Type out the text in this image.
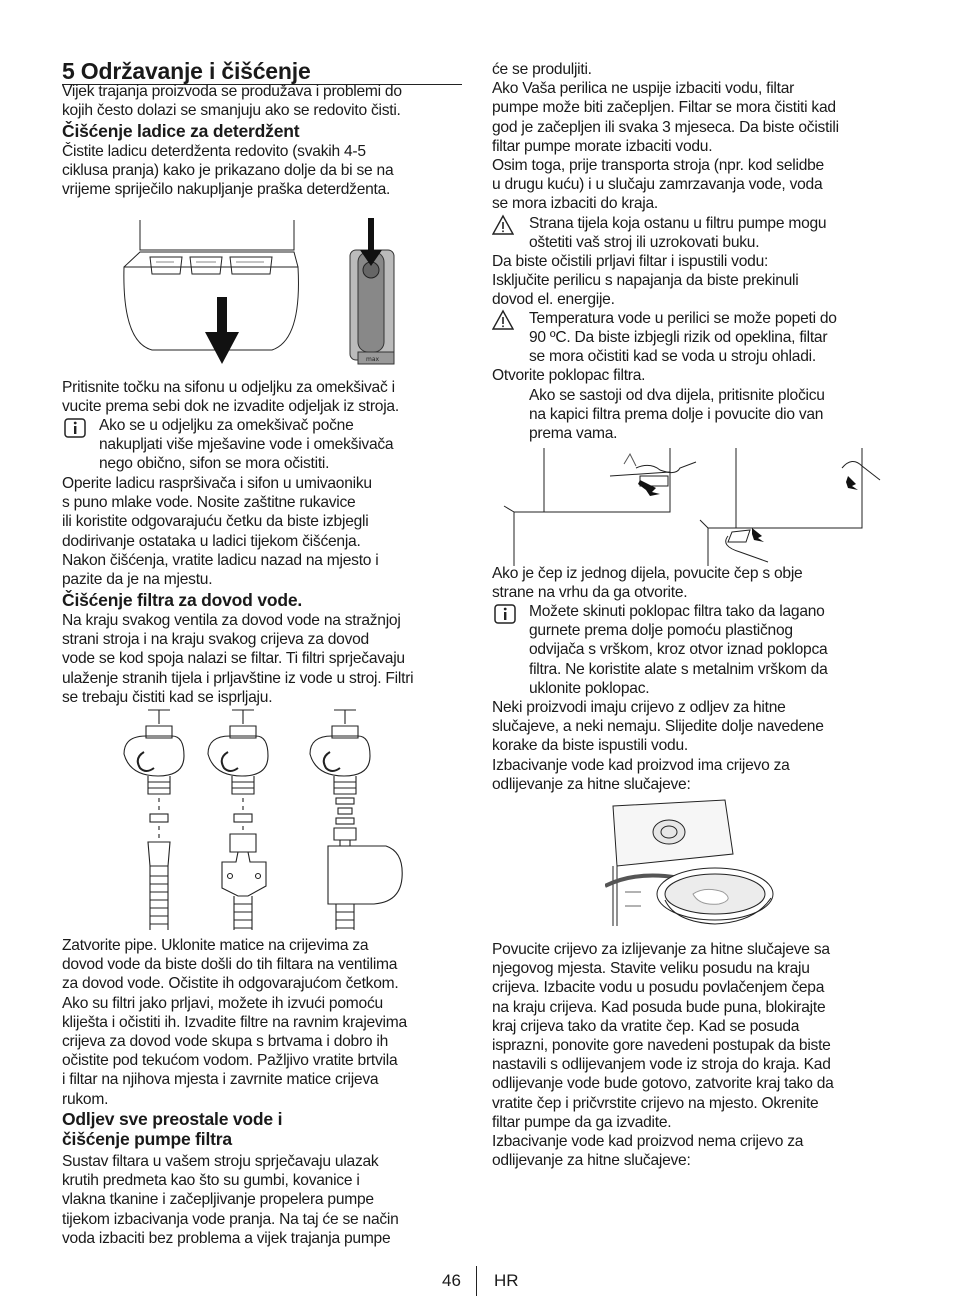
5 Održavanje i čišćenje
Vijek trajanja proizvoda se produžava i problemi do
kojih često dolazi se smanjuju ako se redovito čisti.
Čišćenje ladice za deterdžent
Čistite ladicu deterdženta redovito (svakih 4-5
ciklusa pranja) kako je prikazano dolje da bi se na
vrijeme spriječilo nakupljanje praška deterdženta.
max
Pritisnite točku na sifonu u odjeljku za omekšivač i
vucite prema sebi dok ne izvadite odjeljak iz stroja.
Ako se u odjeljku za omekšivač počne
nakupljati više mješavine vode i omekšivača
nego obično, sifon se mora očistiti.
Operite ladicu raspršivača i sifon u umivaoniku
s puno mlake vode. Nosite zaštitne rukavice
ili koristite odgovarajuću četku da biste izbjegli
dodirivanje ostataka u ladici tijekom čišćenja.
Nakon čišćenja, vratite ladicu nazad na mjesto i
pazite da je na mjestu.
Čišćenje filtra za dovod vode.
Na kraju svakog ventila za dovod vode na stražnjoj
strani stroja i na kraju svakog crijeva za dovod
vode se kod spoja nalazi se filtar. Ti filtri sprječavaju
ulaženje stranih tijela i prljavštine iz vode u stroj. Filtri
se trebaju čistiti kad se isprljaju.
Zatvorite pipe. Uklonite matice na crijevima za
dovod vode da biste došli do tih filtara na ventilima
za dovod vode. Očistite ih odgovarajućom četkom.
Ako su filtri jako prljavi, možete ih izvući pomoću
kliješta i očistiti ih. Izvadite filtre na ravnim krajevima
crijeva za dovod vode skupa s brtvama i dobro ih
očistite pod tekućom vodom. Pažljivo vratite brtvila
i filtar na njihova mjesta i zavrnite matice crijeva
rukom.
Odljev sve preostale vode i
čišćenje pumpe filtra
Sustav filtara u vašem stroju sprječavaju ulazak
krutih predmeta kao što su gumbi, kovanice i
vlakna tkanine i začepljivanje propelera pumpe
tijekom izbacivanja vode pranja. Na taj će se način
voda izbaciti bez problema a vijek trajanja pumpe
će se produljiti.
Ako Vaša perilica ne uspije izbaciti vodu, filtar
pumpe može biti začepljen. Filtar se mora čistiti kad
god je začepljen ili svaka 3 mjeseca. Da biste očistili
filtar pumpe morate izbaciti vodu.
Osim toga, prije transporta stroja (npr. kod selidbe
u drugu kuću) i u slučaju zamrzavanja vode, voda
se mora izbaciti do kraja.
Strana tijela koja ostanu u filtru pumpe mogu
oštetiti vaš stroj ili uzrokovati buku.
Da biste očistili prljavi filtar i ispustili vodu:
Isključite perilicu s napajanja da biste prekinuli
dovod el. energije.
Temperatura vode u perilici se može popeti do
90 ºC. Da biste izbjegli rizik od opeklina, filtar
se mora očistiti kad se voda u stroju ohladi.
Otvorite poklopac filtra.
Ako se sastoji od dva dijela, pritisnite pločicu
na kapici filtra prema dolje i povucite dio van
prema vama.
Ako je čep iz jednog dijela, povucite čep s obje
strane na vrhu da ga otvorite.
Možete skinuti poklopac filtra tako da lagano
gurnete prema dolje pomoću plastičnog
odvijača s vrškom, kroz otvor iznad poklopca
filtra. Ne koristite alate s metalnim vrškom da
uklonite poklopac.
Neki proizvodi imaju crijevo z odljev za hitne
slučajeve, a neki nemaju. Slijedite dolje navedene
korake da biste ispustili vodu.
Izbacivanje vode kad proizvod ima crijevo za
odlijevanje za hitne slučajeve:
Povucite crijevo za izlijevanje za hitne slučajeve sa
njegovog mjesta. Stavite veliku posudu na kraju
crijeva. Izbacite vodu u posudu povlačenjem čepa
na kraju crijeva. Kad posuda bude puna, blokirajte
kraj crijeva tako da vratite čep. Kad se posuda
isprazni, ponovite gore navedeni postupak da biste
nastavili s odlijevanjem vode iz stroja do kraja. Kad
odlijevanje vode bude gotovo, zatvorite kraj tako da
vratite čep i pričvrstite crijevo na mjesto. Okrenite
filtar pumpe da ga izvadite.
Izbacivanje vode kad proizvod nema crijevo za
odlijevanje za hitne slučajeve:
46 HR
